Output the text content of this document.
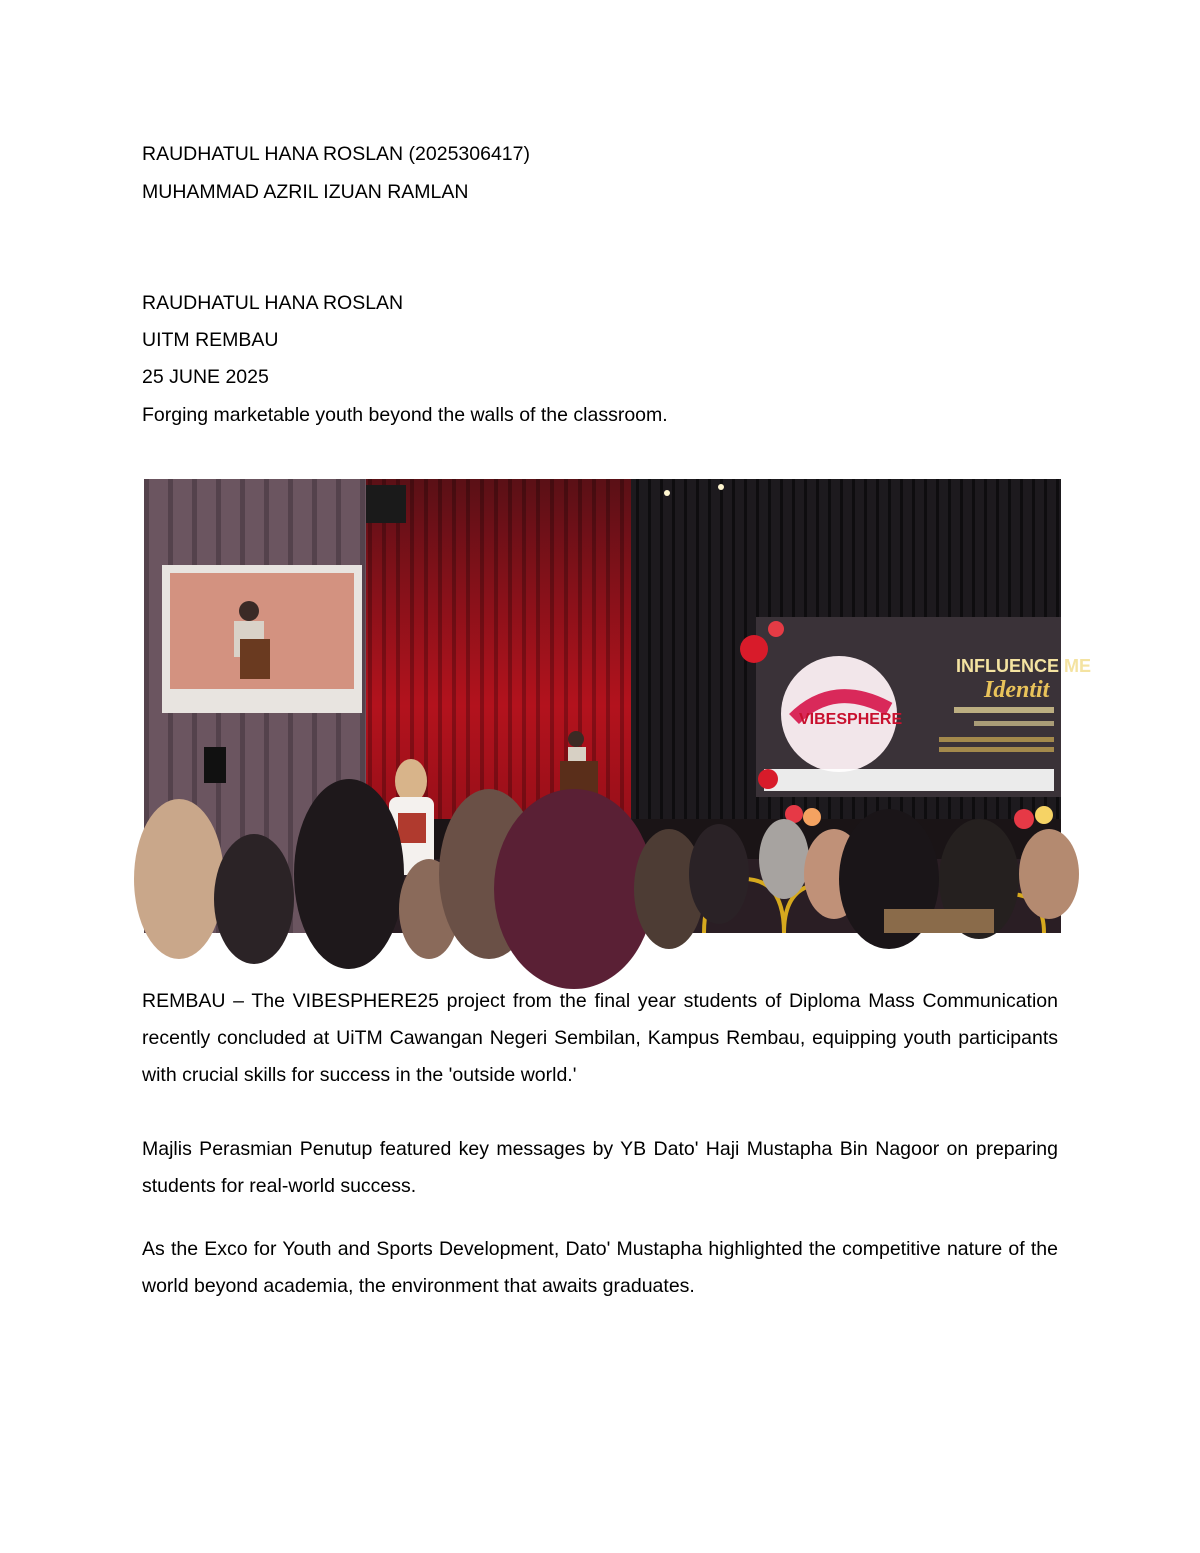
RAUDHATUL HANA ROSLAN (2025306417)
MUHAMMAD AZRIL IZUAN RAMLAN
RAUDHATUL HANA ROSLAN
UITM REMBAU
25 JUNE 2025
Forging marketable youth beyond the walls of the classroom.
VIBESPHERE
INFLUENCE ME
Identit
REMBAU – The VIBESPHERE25 project from the final year students of Diploma Mass Communication recently concluded at UiTM Cawangan Negeri Sembilan, Kampus Rembau, equipping youth participants with crucial skills for success in the 'outside world.'
Majlis Perasmian Penutup featured key messages by YB Dato' Haji Mustapha Bin Nagoor on preparing students for real-world success.
As the Exco for Youth and Sports Development, Dato' Mustapha highlighted the competitive nature of the world beyond academia, the environment that awaits graduates.
